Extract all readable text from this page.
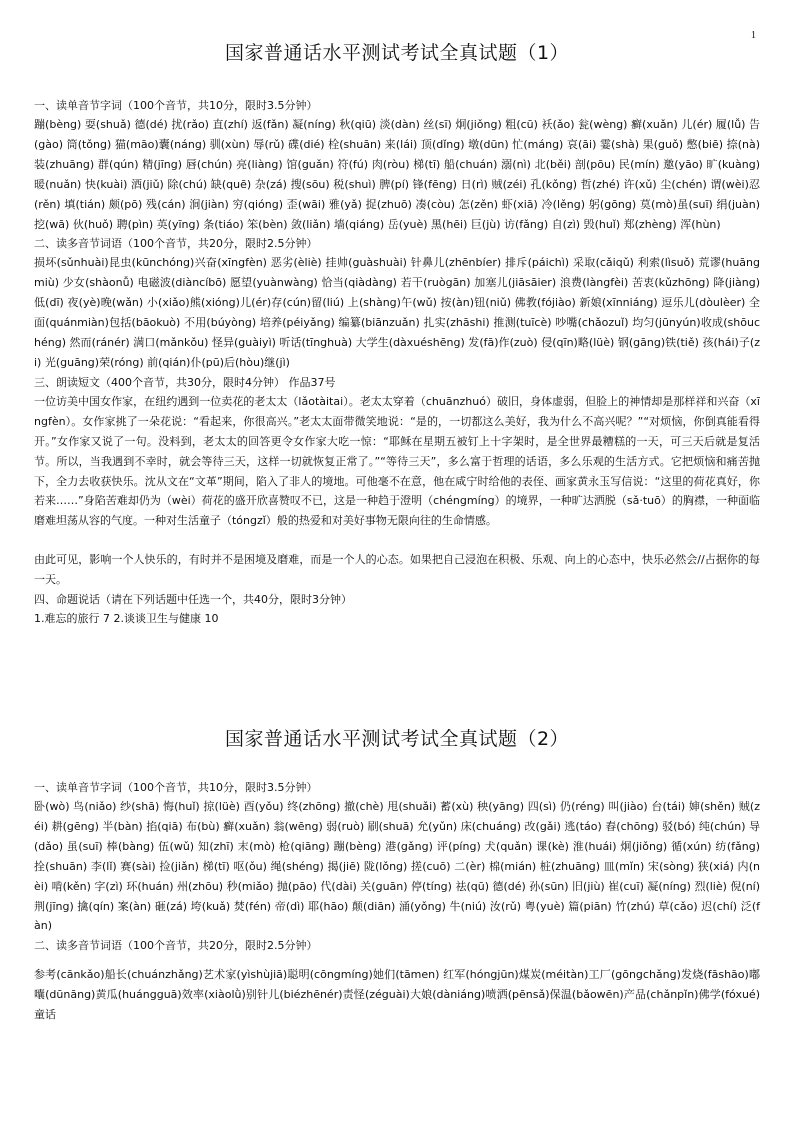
1
国家普通话水平测试考试全真试题（1）

一、读单音节字词（100个音节，共10分，限时3.5分钟）

蹦(bèng) 耍(shuǎ) 德(dé) 扰(rǎo) 直(zhí) 返(fǎn) 凝(níng) 秋(qiū) 淡(dàn) 丝(sī) 炯(jiǒng) 粗(cū) 袄(ǎo) 瓮(wèng) 癣(xuǎn) 儿(ér) 履(lǚ) 告(gào) 筒(tǒng) 猫(māo)囊(náng) 驯(xùn) 辱(rǔ) 碟(dié) 栓(shuān) 来(lái) 顶(dǐng) 墩(dūn) 忙(máng) 哀(āi) 霎(shà) 果(guǒ) 憋(biē) 捺(nà) 装(zhuāng) 群(qún) 精(jīng) 唇(chún) 亮(liàng) 馆(guǎn) 符(fú) 肉(ròu) 梯(tī) 船(chuán) 溺(nì) 北(běi) 剖(pōu) 民(mín) 邀(yāo) 旷(kuàng) 暖(nuǎn) 快(kuài) 酒(jiǔ) 除(chú) 缺(quē) 杂(zá) 搜(sōu) 税(shuì) 脾(pí) 锋(fēng) 日(rì) 贼(zéi) 孔(kǒng) 哲(zhé) 许(xǔ) 尘(chén) 谓(wèi)忍(rěn) 填(tián) 颇(pō) 残(cán) 涧(jiàn) 穷(qióng) 歪(wāi) 雅(yǎ) 捉(zhuō) 凑(còu) 怎(zěn) 虾(xiā) 冷(lěng) 躬(gōng) 莫(mò)虽(suī) 绢(juàn) 挖(wā) 伙(huǒ) 聘(pìn) 英(yīng) 条(tiáo) 笨(bèn) 敛(liǎn) 墙(qiáng) 岳(yuè) 黑(hēi) 巨(jù) 访(fǎng) 自(zì) 毁(huǐ) 郑(zhèng) 浑(hùn)

二、读多音节词语（100个音节，共20分，限时2.5分钟）

损坏(sǔnhuài)昆虫(kūnchóng)兴奋(xīngfèn) 恶劣(èliè) 挂帅(guàshuài) 针鼻儿(zhēnbíer) 排斥(páichì) 采取(cǎiqǔ) 利索(lìsuǒ) 荒谬(huāngmiù) 少女(shàonǚ) 电磁波(diàncíbō) 愿望(yuànwàng) 恰当(qiàdàng) 若干(ruògān) 加塞儿(jiāsāier) 浪费(làngfèi) 苦衷(kǔzhōng) 降(jiàng)低(dī) 夜(yè)晚(wǎn) 小(xiǎo)熊(xióng)儿(ér)存(cún)留(liú) 上(shàng)午(wǔ) 按(àn)钮(niǔ) 佛教(fójiào) 新娘(xīnniáng) 逗乐儿(dòulèer) 全面(quánmiàn)包括(bāokuò) 不用(búyòng) 培养(péiyǎng) 编纂(biānzuǎn) 扎实(zhāshi) 推测(tuīcè) 吵嘴(chǎozuǐ) 均匀(jūnyún)收成(shōuchéng) 然而(ránér) 满口(mǎnkǒu) 怪异(guàiyì) 听话(tīnghuà) 大学生(dàxuéshēng) 发(fā)作(zuò) 侵(qīn)略(lüè) 钢(gāng)铁(tiě) 孩(hái)子(zi) 光(guāng)荣(róng) 前(qián)仆(pū)后(hòu)继(jì)

三、朗读短文（400个音节，共30分，限时4分钟） 作品37号

一位访美中国女作家，在纽约遇到一位卖花的老太太（lǎotàitai）。老太太穿着（chuānzhuó）破旧，身体虚弱，但脸上的神情却是那样祥和兴奋（xīngfèn）。女作家挑了一朵花说：“看起来，你很高兴。”老太太面带微笑地说：“是的，一切都这么美好，我为什么不高兴呢？”“对烦恼，你倒真能看得开。”女作家又说了一句。没料到，老太太的回答更令女作家大吃一惊：“耶稣在星期五被钉上十字架时，是全世界最糟糕的一天，可三天后就是复活节。所以，当我遇到不幸时，就会等待三天，这样一切就恢复正常了。”“等待三天”，多么富于哲理的话语，多么乐观的生活方式。它把烦恼和痛苦抛下，全力去收获快乐。沈从文在“文革”期间，陷入了非人的境地。可他毫不在意，他在咸宁时给他的表侄、画家黄永玉写信说：“这里的荷花真好，你若来……”身陷苦难却仍为（wèi）荷花的盛开欣喜赞叹不已，这是一种趋于澄明（chéngmíng）的境界，一种旷达洒脱（sǎ·tuō）的胸襟，一种面临磨难坦荡从容的气度。一种对生活童子（tóngzǐ）般的热爱和对美好事物无限向往的生命情感。

由此可见，影响一个人快乐的，有时并不是困境及磨难，而是一个人的心态。如果把自己浸泡在积极、乐观、向上的心态中，快乐必然会//占据你的每一天。

四、命题说话（请在下列话题中任选一个，共40分，限时3分钟）

1.难忘的旅行 7 2.谈谈卫生与健康 10

国家普通话水平测试考试全真试题（2）

一、读单音节字词（100个音节，共10分，限时3.5分钟）

卧(wò) 鸟(niǎo) 纱(shā) 悔(huǐ) 掠(lüè) 酉(yǒu) 终(zhōng) 撤(chè) 甩(shuǎi) 蓄(xù) 秧(yāng) 四(sì) 仍(réng) 叫(jiào) 台(tái) 婶(shěn) 贼(zéi) 耕(gēng) 半(bàn) 掐(qiā) 布(bù) 癣(xuǎn) 翁(wēng) 弱(ruò) 刷(shuā) 允(yǔn) 床(chuáng) 改(gǎi) 逃(táo) 舂(chōng) 驳(bó) 纯(chún) 导(dǎo) 虽(suī) 棒(bàng) 伍(wǔ) 知(zhī) 末(mò) 枪(qiāng) 蹦(bèng) 港(gǎng) 评(píng) 犬(quǎn) 课(kè) 淮(huái) 炯(jiǒng) 循(xún) 纺(fǎng) 拴(shuān) 李(lǐ) 赛(sài) 捡(jiǎn) 梯(tī) 呕(ǒu) 绳(shéng) 揭(jiē) 陇(lǒng) 搓(cuō) 二(èr) 棉(mián) 桩(zhuāng) 皿(mǐn) 宋(sòng) 狭(xiá) 内(nèi) 啃(kěn) 字(zì) 环(huán) 州(zhōu) 秒(miǎo) 抛(pāo) 代(dài) 关(guān) 停(tíng) 祛(qū) 德(dé) 孙(sūn) 旧(jiù) 崔(cuī) 凝(níng) 烈(liè) 倪(ní) 荆(jīng) 擒(qín) 案(àn) 砸(zá) 垮(kuǎ) 焚(fén) 帝(dì) 耶(hāo) 颠(diān) 涌(yǒng) 牛(niú) 汝(rǔ) 粤(yuè) 篇(piān) 竹(zhú) 草(cǎo) 迟(chí) 泛(fàn)

二、读多音节词语（100个音节，共20分，限时2.5分钟）

参考(cānkǎo)船长(chuánzhǎng)艺术家(yìshùjiā)聪明(cōngmíng)她们(tāmen) 红军(hóngjūn)煤炭(méitàn)工厂(gōngchǎng)发烧(fāshāo)嘟囔(dūnāng)黄瓜(huángguā)效率(xiàolǜ)别针儿(biézhēnér)责怪(zéguài)大娘(dàniáng)喷洒(pēnsǎ)保温(bǎowēn)产品(chǎnpǐn)佛学(fóxué)童话
